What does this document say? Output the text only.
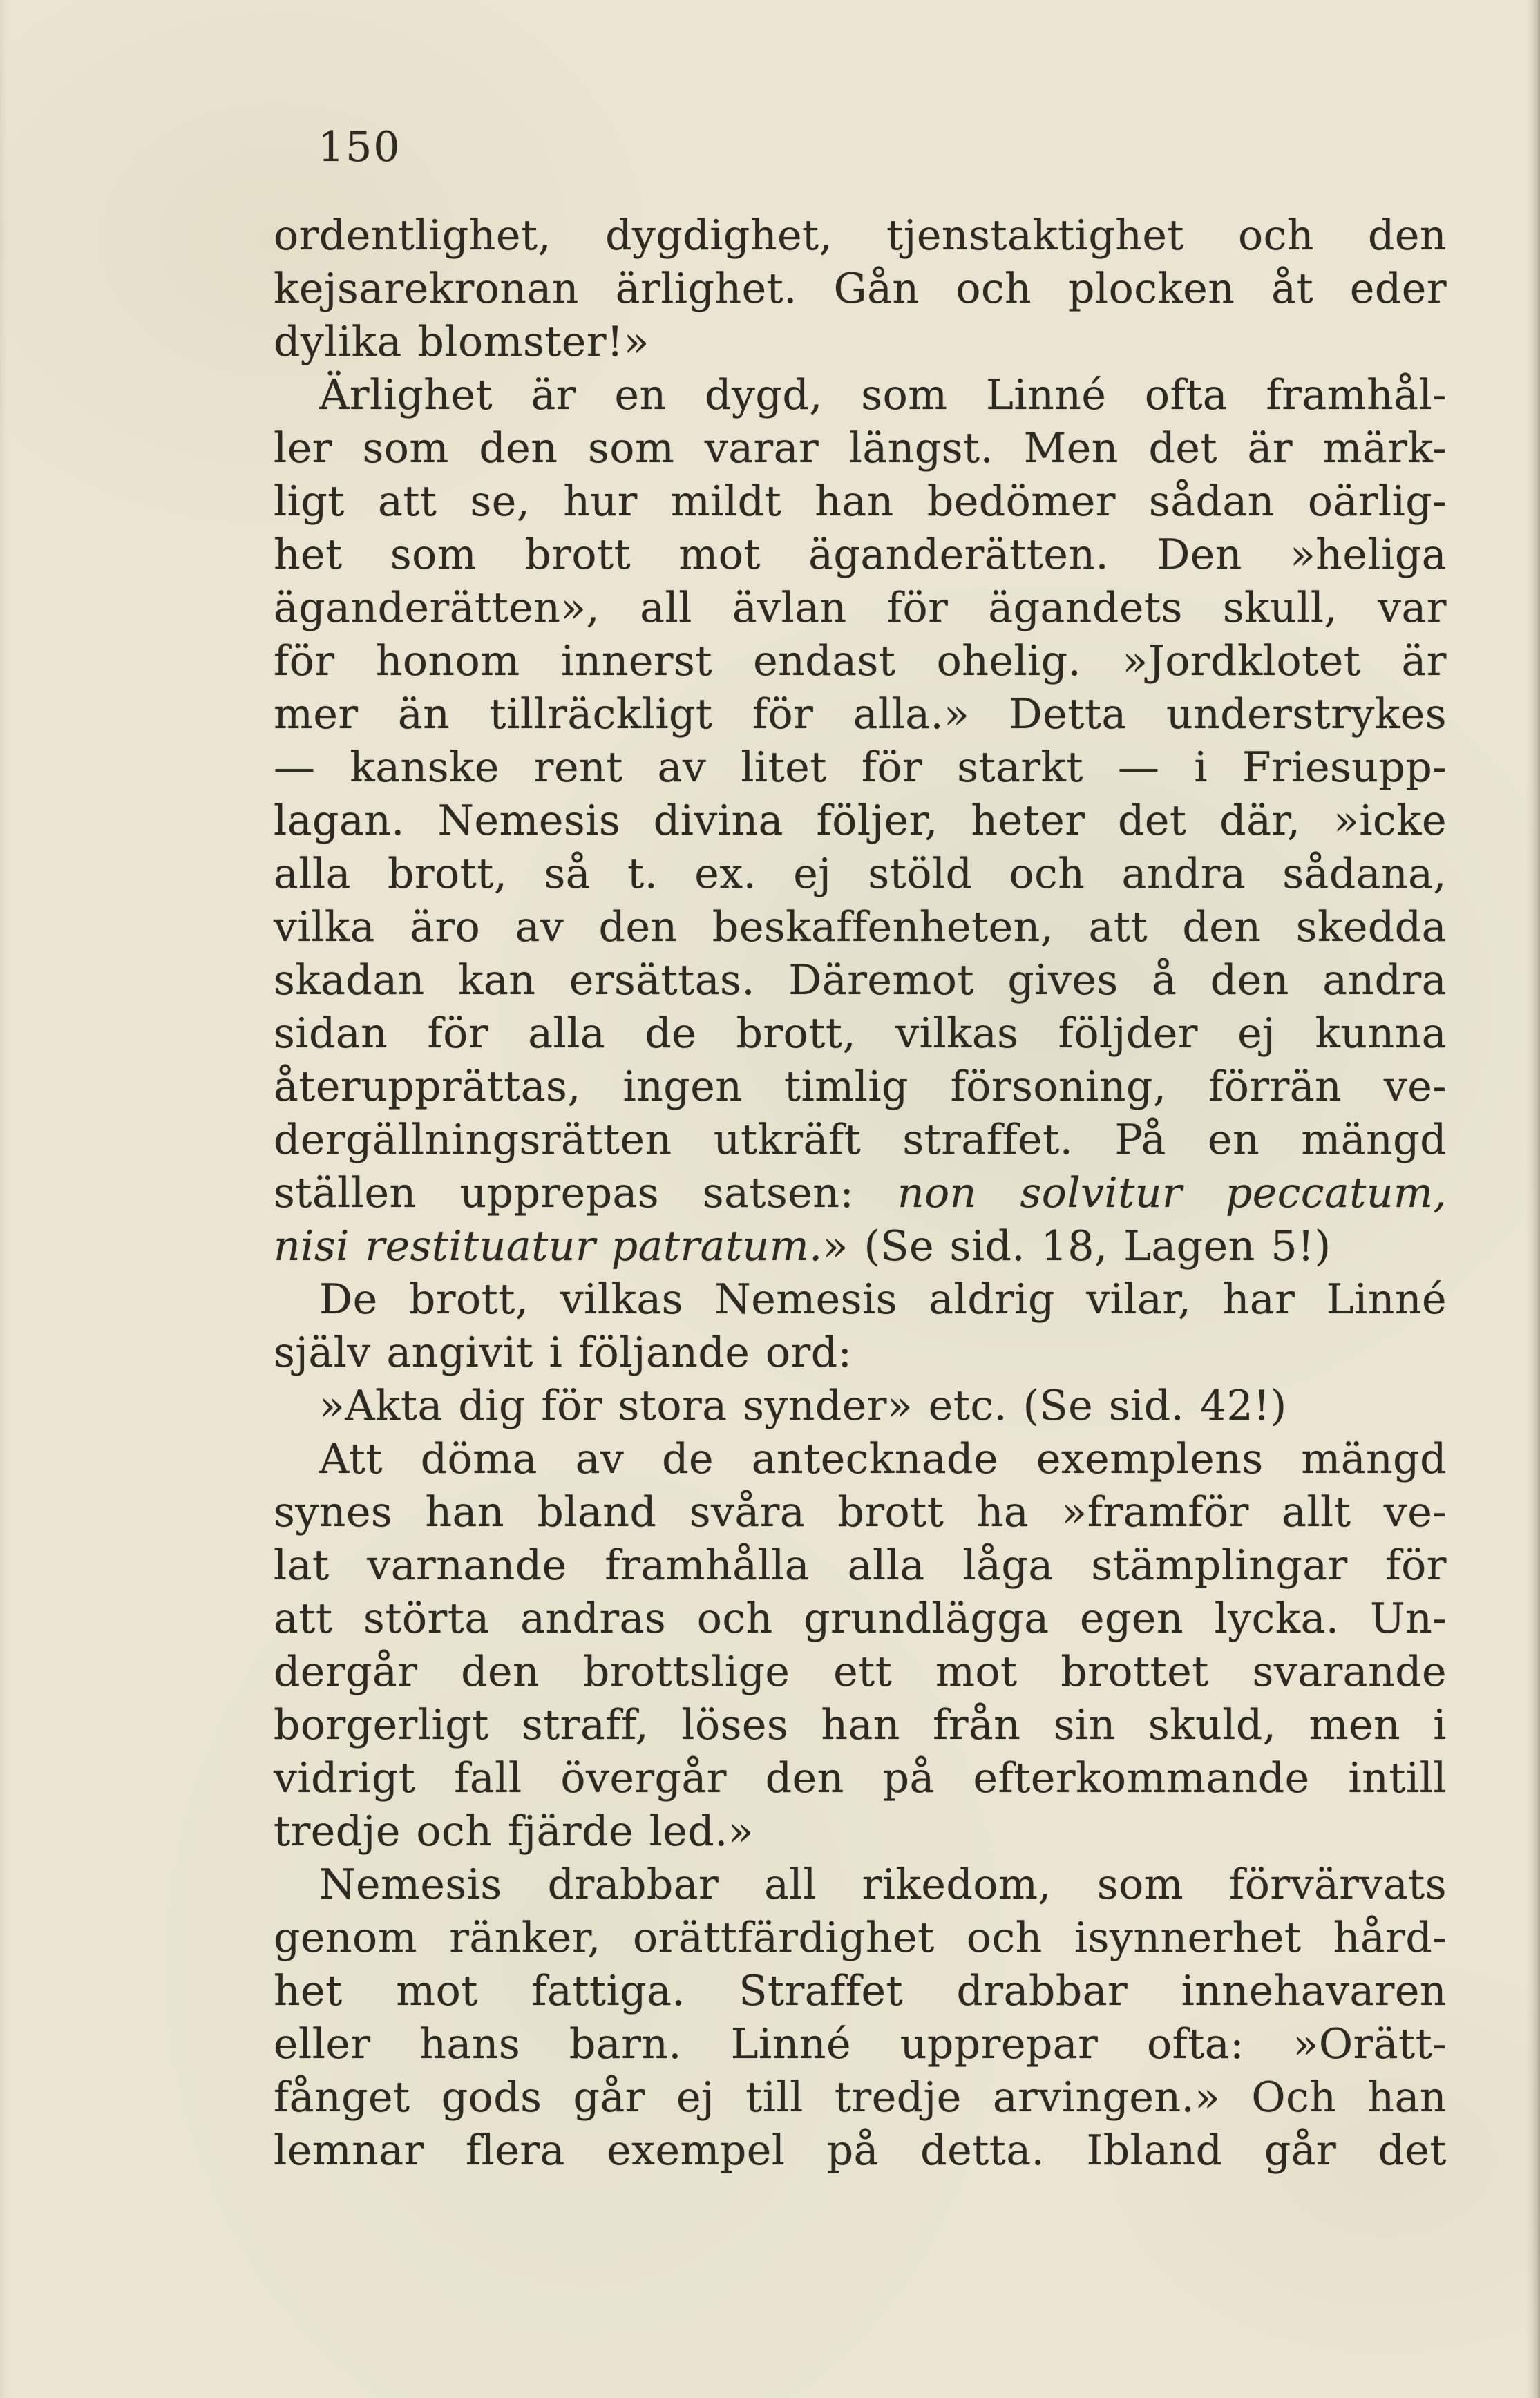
150
ordentlighet, dygdighet, tjenstaktighet och den
kejsarekronan ärlighet. Gån och plocken åt eder
dylika blomster!»
Ärlighet är en dygd, som Linné ofta framhål-
ler som den som varar längst. Men det är märk-
ligt att se, hur mildt han bedömer sådan oärlig-
het som brott mot äganderätten. Den »heliga
äganderätten», all ävlan för ägandets skull, var
för honom innerst endast ohelig. »Jordklotet är
mer än tillräckligt för alla.» Detta understrykes
— kanske rent av litet för starkt — i Friesupp-
lagan. Nemesis divina följer, heter det där, »icke
alla brott, så t. ex. ej stöld och andra sådana,
vilka äro av den beskaffenheten, att den skedda
skadan kan ersättas. Däremot gives å den andra
sidan för alla de brott, vilkas följder ej kunna
återupprättas, ingen timlig försoning, förrän ve-
dergällningsrätten utkräft straffet. På en mängd
ställen upprepas satsen: non solvitur peccatum,
nisi restituatur patratum.» (Se sid. 18, Lagen 5!)
De brott, vilkas Nemesis aldrig vilar, har Linné
själv angivit i följande ord:
»Akta dig för stora synder» etc. (Se sid. 42!)
Att döma av de antecknade exemplens mängd
synes han bland svåra brott ha »framför allt ve-
lat varnande framhålla alla låga stämplingar för
att störta andras och grundlägga egen lycka. Un-
dergår den brottslige ett mot brottet svarande
borgerligt straff, löses han från sin skuld, men i
vidrigt fall övergår den på efterkommande intill
tredje och fjärde led.»
Nemesis drabbar all rikedom, som förvärvats
genom ränker, orättfärdighet och isynnerhet hård-
het mot fattiga. Straffet drabbar innehavaren
eller hans barn. Linné upprepar ofta: »Orätt-
fånget gods går ej till tredje arvingen.» Och han
lemnar flera exempel på detta. Ibland går det
